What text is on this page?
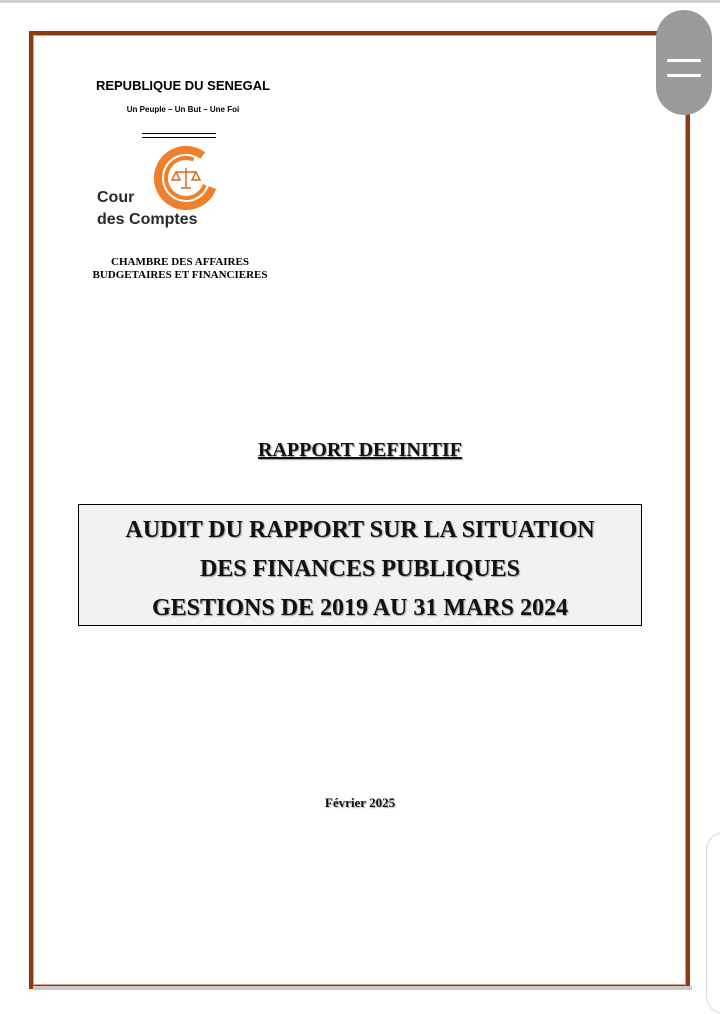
REPUBLIQUE DU SENEGAL
Un Peuple – Un But – Une Foi
Cour
des Comptes
CHAMBRE DES AFFAIRES
BUDGETAIRES ET FINANCIERES
RAPPORT DEFINITIF
AUDIT DU RAPPORT SUR LA SITUATION
DES FINANCES PUBLIQUES
GESTIONS DE 2019 AU 31 MARS 2024
Février 2025
